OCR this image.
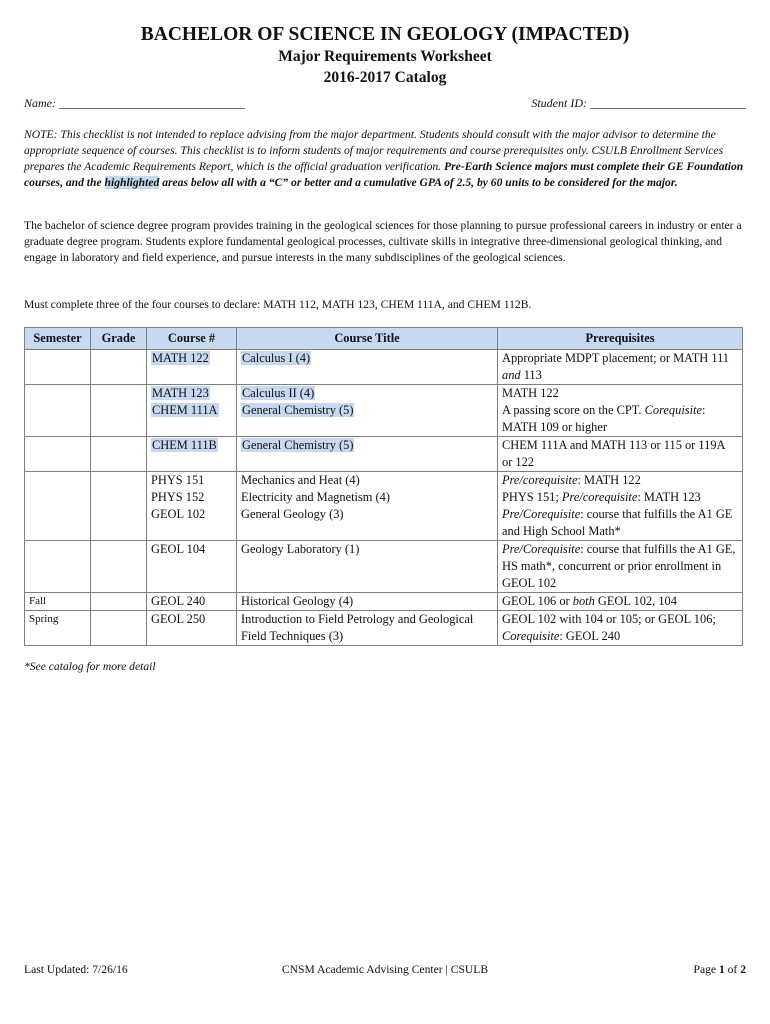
BACHELOR OF SCIENCE IN GEOLOGY (IMPACTED)
Major Requirements Worksheet
2016-2017 Catalog
Name: _______________________________	Student ID: __________________________
NOTE: This checklist is not intended to replace advising from the major department. Students should consult with the major advisor to determine the appropriate sequence of courses. This checklist is to inform students of major requirements and course prerequisites only. CSULB Enrollment Services prepares the Academic Requirements Report, which is the official graduation verification. Pre-Earth Science majors must complete their GE Foundation courses, and the highlighted areas below all with a “C” or better and a cumulative GPA of 2.5, by 60 units to be considered for the major.
The bachelor of science degree program provides training in the geological sciences for those planning to pursue professional careers in industry or enter a graduate degree program. Students explore fundamental geological processes, cultivate skills in integrative three-dimensional geological thinking, and engage in laboratory and field experience, and pursue interests in the many subdisciplines of the geological sciences.
Must complete three of the four courses to declare: MATH 112, MATH 123, CHEM 111A, and CHEM 112B.
Semester	Grade	Course #	Course Title	Prerequisites
		MATH 122	Calculus I (4)	Appropriate MDPT placement; or MATH 111 and 113
		MATH 123	Calculus II (4)	MATH 122
		CHEM 111A	General Chemistry (5)	A passing score on the CPT. Corequisite: MATH 109 or higher
		CHEM 111B	General Chemistry (5)	CHEM 111A and MATH 113 or 115 or 119A or 122
		PHYS 151	Mechanics and Heat (4)	Pre/corequisite: MATH 122
		PHYS 152	Electricity and Magnetism (4)	PHYS 151; Pre/corequisite: MATH 123
		GEOL 102	General Geology (3)	Pre/Corequisite: course that fulfills the A1 GE and High School Math*
		GEOL 104	Geology Laboratory (1)	Pre/Corequisite: course that fulfills the A1 GE, HS math*, concurrent or prior enrollment in GEOL 102
Fall		GEOL 240	Historical Geology (4)	GEOL 106 or both GEOL 102, 104
Spring		GEOL 250	Introduction to Field Petrology and Geological Field Techniques (3)	GEOL 102 with 104 or 105; or GEOL 106; Corequisite: GEOL 240
*See catalog for more detail
Last Updated: 7/26/16	CNSM Academic Advising Center | CSULB	Page 1 of 2
